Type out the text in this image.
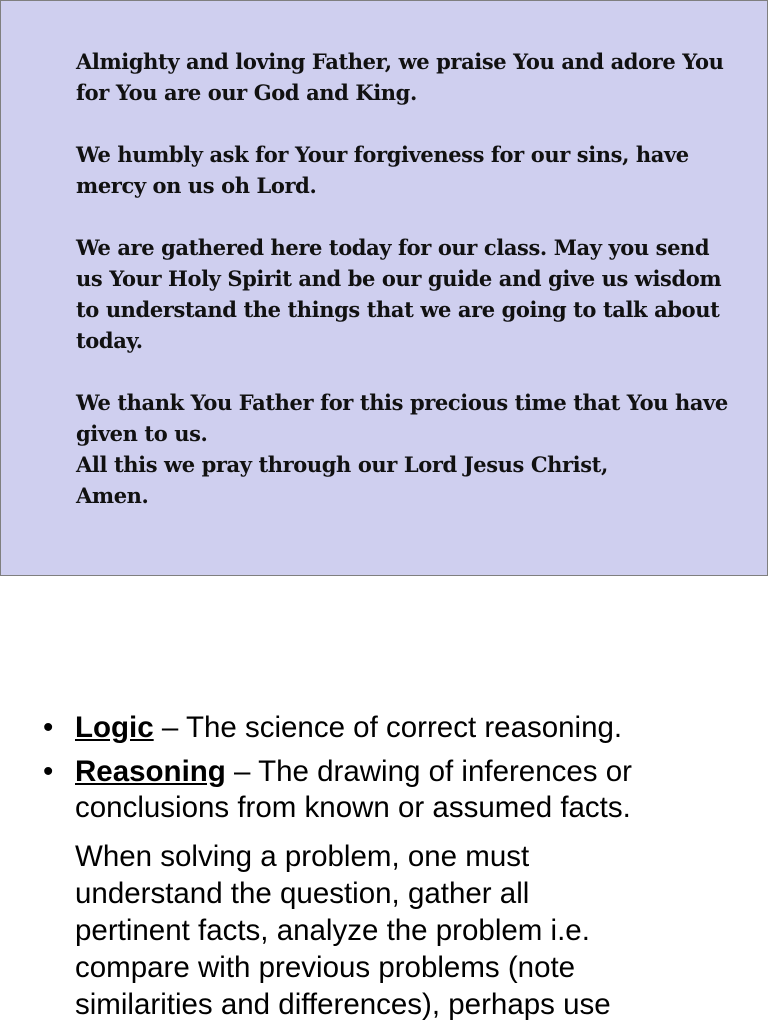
Almighty and loving Father, we praise You and adore You
for You are our God and King.

We humbly ask for Your forgiveness for our sins, have
mercy on us oh Lord.

We are gathered here today for our class. May you send
us Your Holy Spirit and be our guide and give us wisdom
to understand the things that we are going to talk about
today.

We thank You Father for this precious time that You have
given to us.
All this we pray through our Lord Jesus Christ,
Amen.

• Logic – The science of correct reasoning.
• Reasoning – The drawing of inferences or conclusions from known or assumed facts.
When solving a problem, one must
understand the question, gather all
pertinent facts, analyze the problem i.e.
compare with previous problems (note
similarities and differences), perhaps use
